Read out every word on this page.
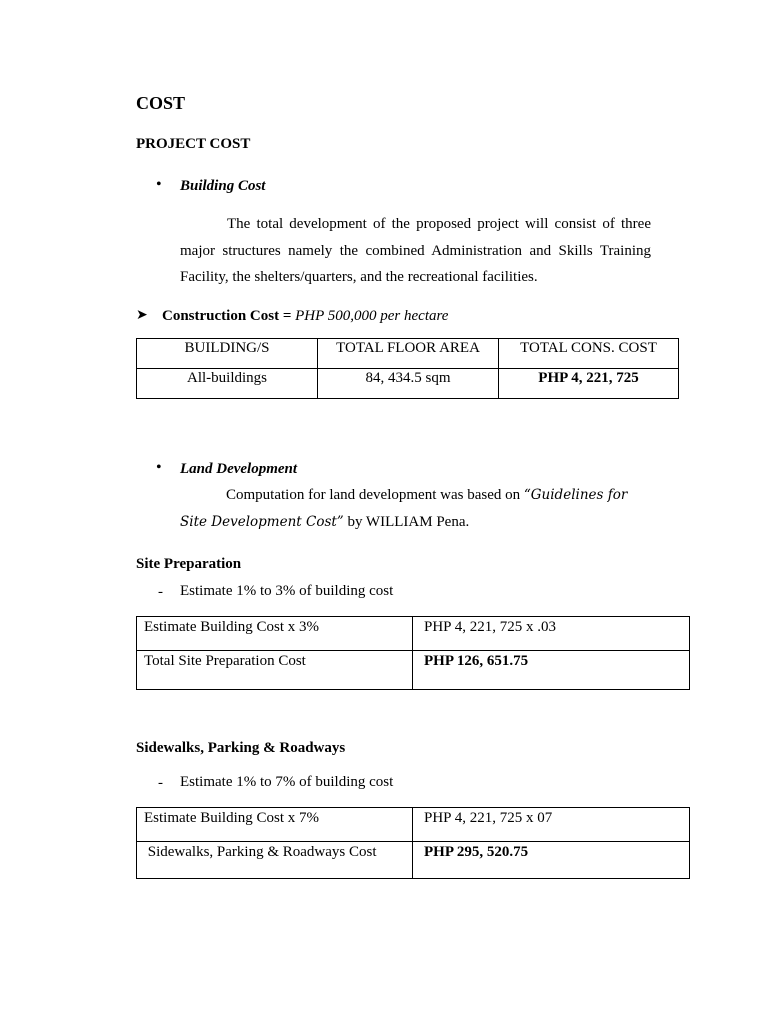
COST
PROJECT COST
• Building Cost
The total development of the proposed project will consist of three
major structures namely the combined Administration and Skills Training
Facility, the shelters/quarters, and the recreational facilities.
➤ Construction Cost = PHP 500,000 per hectare
BUILDING/S	TOTAL FLOOR AREA	TOTAL CONS. COST
All-buildings	84, 434.5 sqm	PHP 4, 221, 725
• Land Development
Computation for land development was based on “Guidelines for
Site Development Cost” by WILLIAM Pena.
Site Preparation
- Estimate 1% to 3% of building cost
Estimate Building Cost x 3%	PHP 4, 221, 725 x .03
Total Site Preparation Cost	PHP 126, 651.75
Sidewalks, Parking & Roadways
- Estimate 1% to 7% of building cost
Estimate Building Cost x 7%	PHP 4, 221, 725 x 07
Sidewalks, Parking & Roadways Cost	PHP 295, 520.75
